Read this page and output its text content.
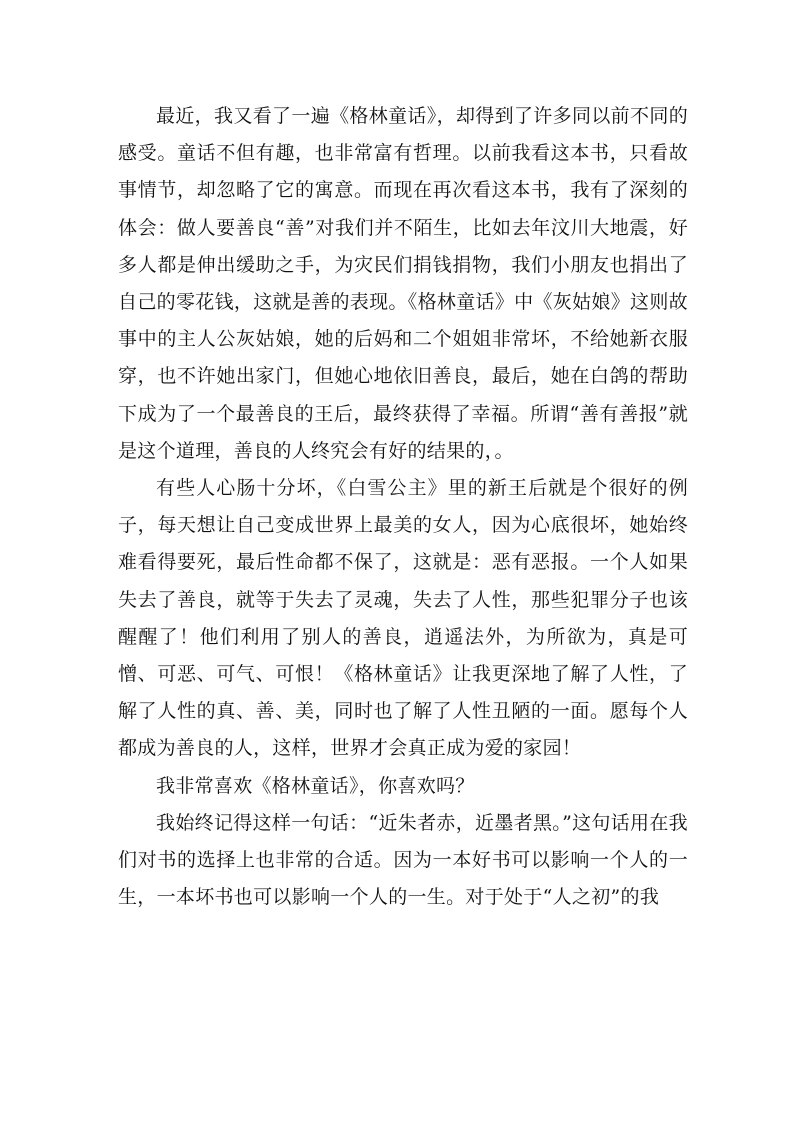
最近，我又看了一遍《格林童话》，却得到了许多同以前不同的感受。童话不但有趣，也非常富有哲理。以前我看这本书，只看故事情节，却忽略了它的寓意。而现在再次看这本书，我有了深刻的体会：做人要善良“善”对我们并不陌生，比如去年汶川大地震，好多人都是伸出缓助之手，为灾民们捐钱捐物，我们小朋友也捐出了自己的零花钱，这就是善的表现。《格林童话》中《灰姑娘》这则故事中的主人公灰姑娘，她的后妈和二个姐姐非常坏，不给她新衣服穿，也不许她出家门，但她心地依旧善良，最后，她在白鸽的帮助下成为了一个最善良的王后，最终获得了幸福。所谓“善有善报”就是这个道理，善良的人终究会有好的结果的，。

有些人心肠十分坏，《白雪公主》里的新王后就是个很好的例子，每天想让自己变成世界上最美的女人，因为心底很坏，她始终难看得要死，最后性命都不保了，这就是：恶有恶报。一个人如果失去了善良，就等于失去了灵魂，失去了人性，那些犯罪分子也该醒醒了！他们利用了别人的善良，逍遥法外，为所欲为，真是可憎、可恶、可气、可恨！《格林童话》让我更深地了解了人性，了解了人性的真、善、美，同时也了解了人性丑陋的一面。愿每个人都成为善良的人，这样，世界才会真正成为爱的家园！

我非常喜欢《格林童话》，你喜欢吗？

我始终记得这样一句话：“近朱者赤，近墨者黑。”这句话用在我们对书的选择上也非常的合适。因为一本好书可以影响一个人的一生，一本坏书也可以影响一个人的一生。对于处于“人之初”的我
